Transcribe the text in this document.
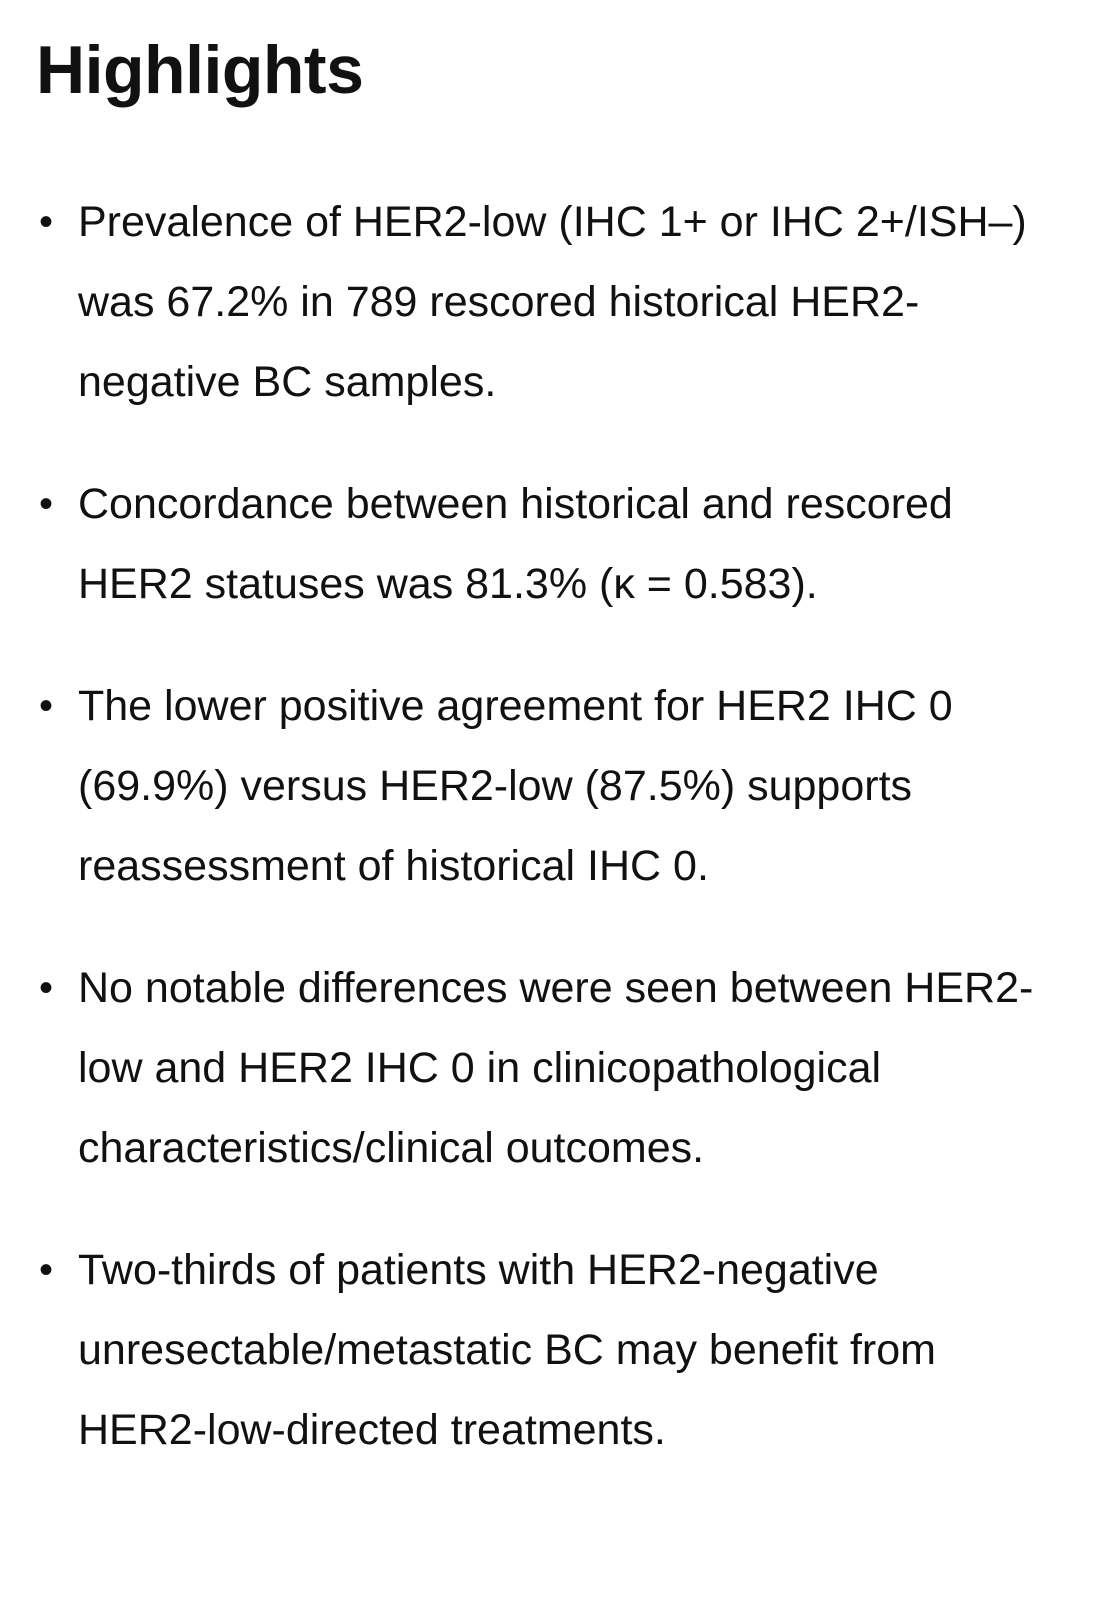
Highlights
• Prevalence of HER2-low (IHC 1+ or IHC 2+/ISH–) was 67.2% in 789 rescored historical HER2-negative BC samples.
• Concordance between historical and rescored HER2 statuses was 81.3% (κ = 0.583).
• The lower positive agreement for HER2 IHC 0 (69.9%) versus HER2-low (87.5%) supports reassessment of historical IHC 0.
• No notable differences were seen between HER2-low and HER2 IHC 0 in clinicopathological characteristics/clinical outcomes.
• Two-thirds of patients with HER2-negative unresectable/metastatic BC may benefit from HER2-low-directed treatments.
